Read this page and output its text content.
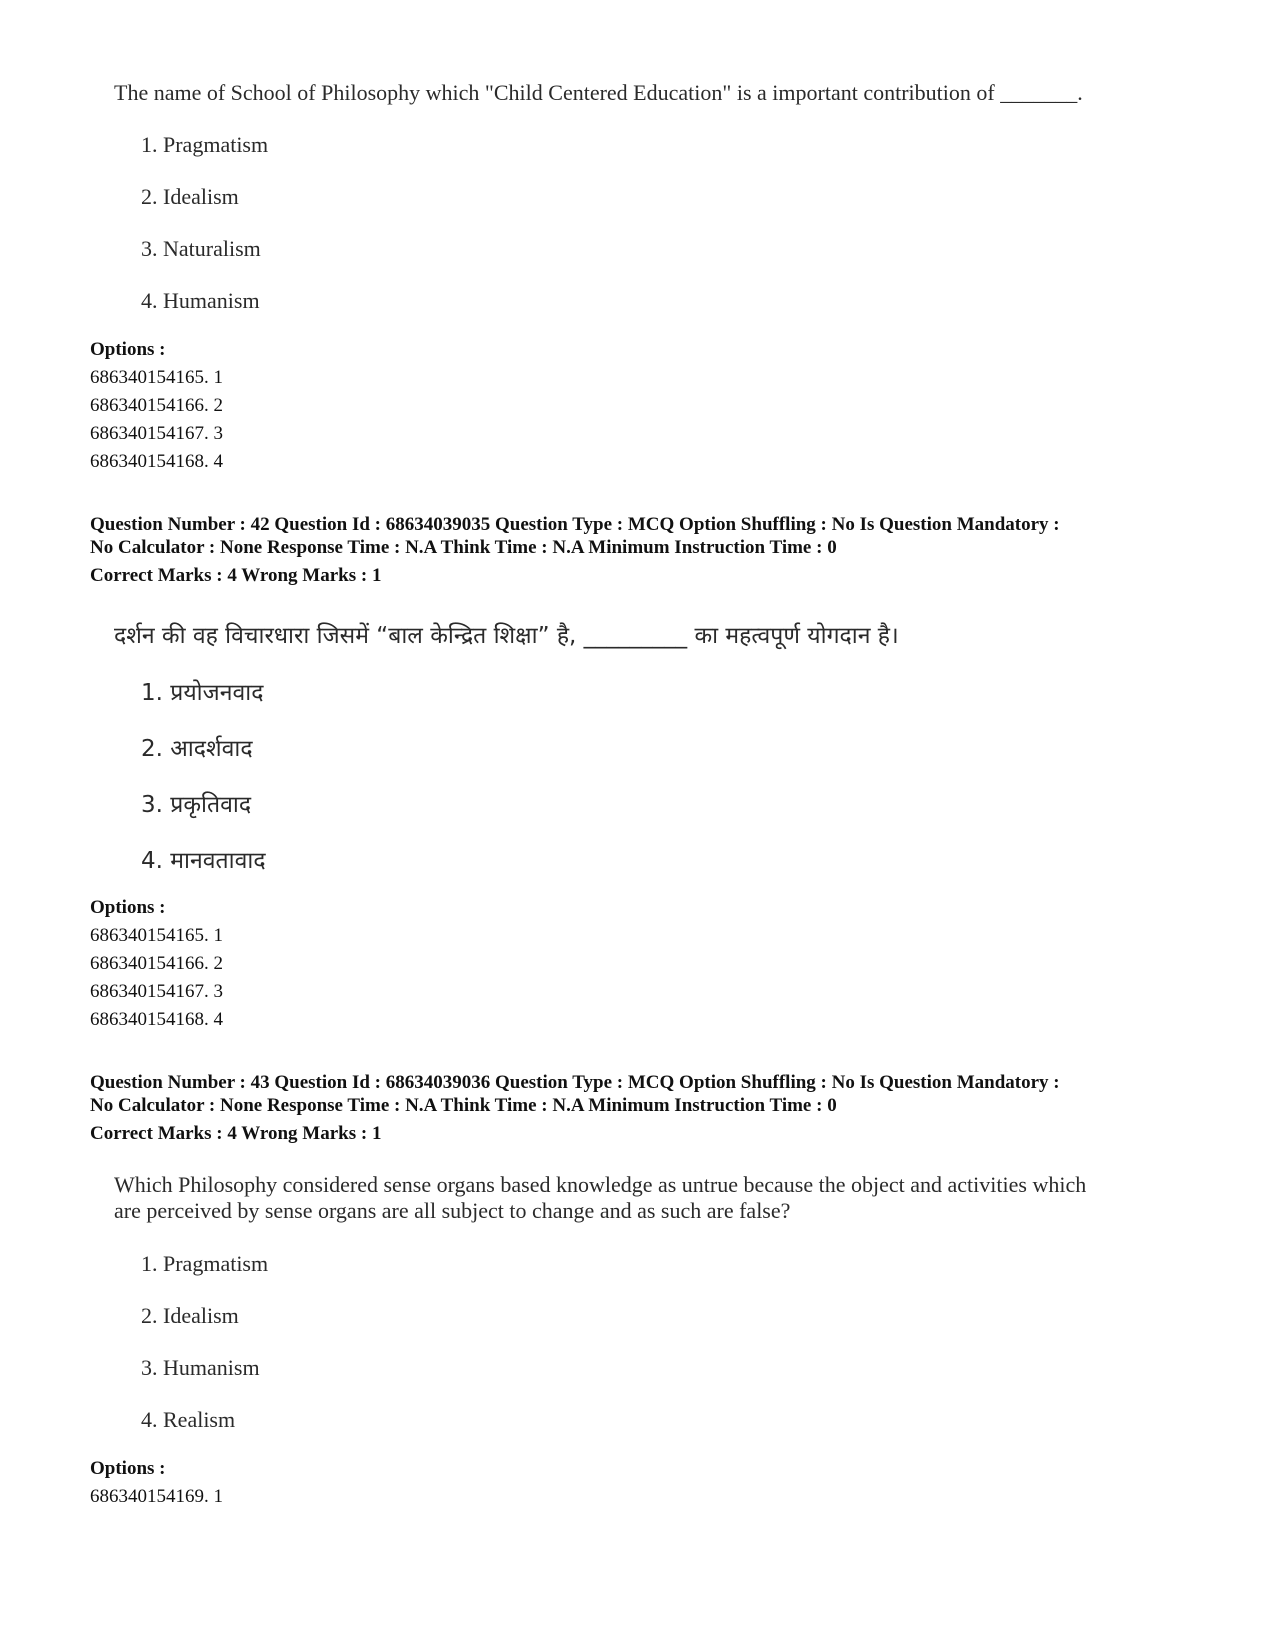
The name of School of Philosophy which "Child Centered Education" is a important contribution of _______.
1. Pragmatism
2. Idealism
3. Naturalism
4. Humanism
Options :
686340154165. 1
686340154166. 2
686340154167. 3
686340154168. 4
Question Number : 42 Question Id : 68634039035 Question Type : MCQ Option Shuffling : No Is Question Mandatory :
No Calculator : None Response Time : N.A Think Time : N.A Minimum Instruction Time : 0
Correct Marks : 4 Wrong Marks : 1
दर्शन की वह विचारधारा जिसमें “बाल केन्द्रित शिक्षा” है, _________ का महत्वपूर्ण योगदान है।
1. प्रयोजनवाद
2. आदर्शवाद
3. प्रकृतिवाद
4. मानवतावाद
Options :
686340154165. 1
686340154166. 2
686340154167. 3
686340154168. 4
Question Number : 43 Question Id : 68634039036 Question Type : MCQ Option Shuffling : No Is Question Mandatory :
No Calculator : None Response Time : N.A Think Time : N.A Minimum Instruction Time : 0
Correct Marks : 4 Wrong Marks : 1
Which Philosophy considered sense organs based knowledge as untrue because the object and activities which
are perceived by sense organs are all subject to change and as such are false?
1. Pragmatism
2. Idealism
3. Humanism
4. Realism
Options :
686340154169. 1
